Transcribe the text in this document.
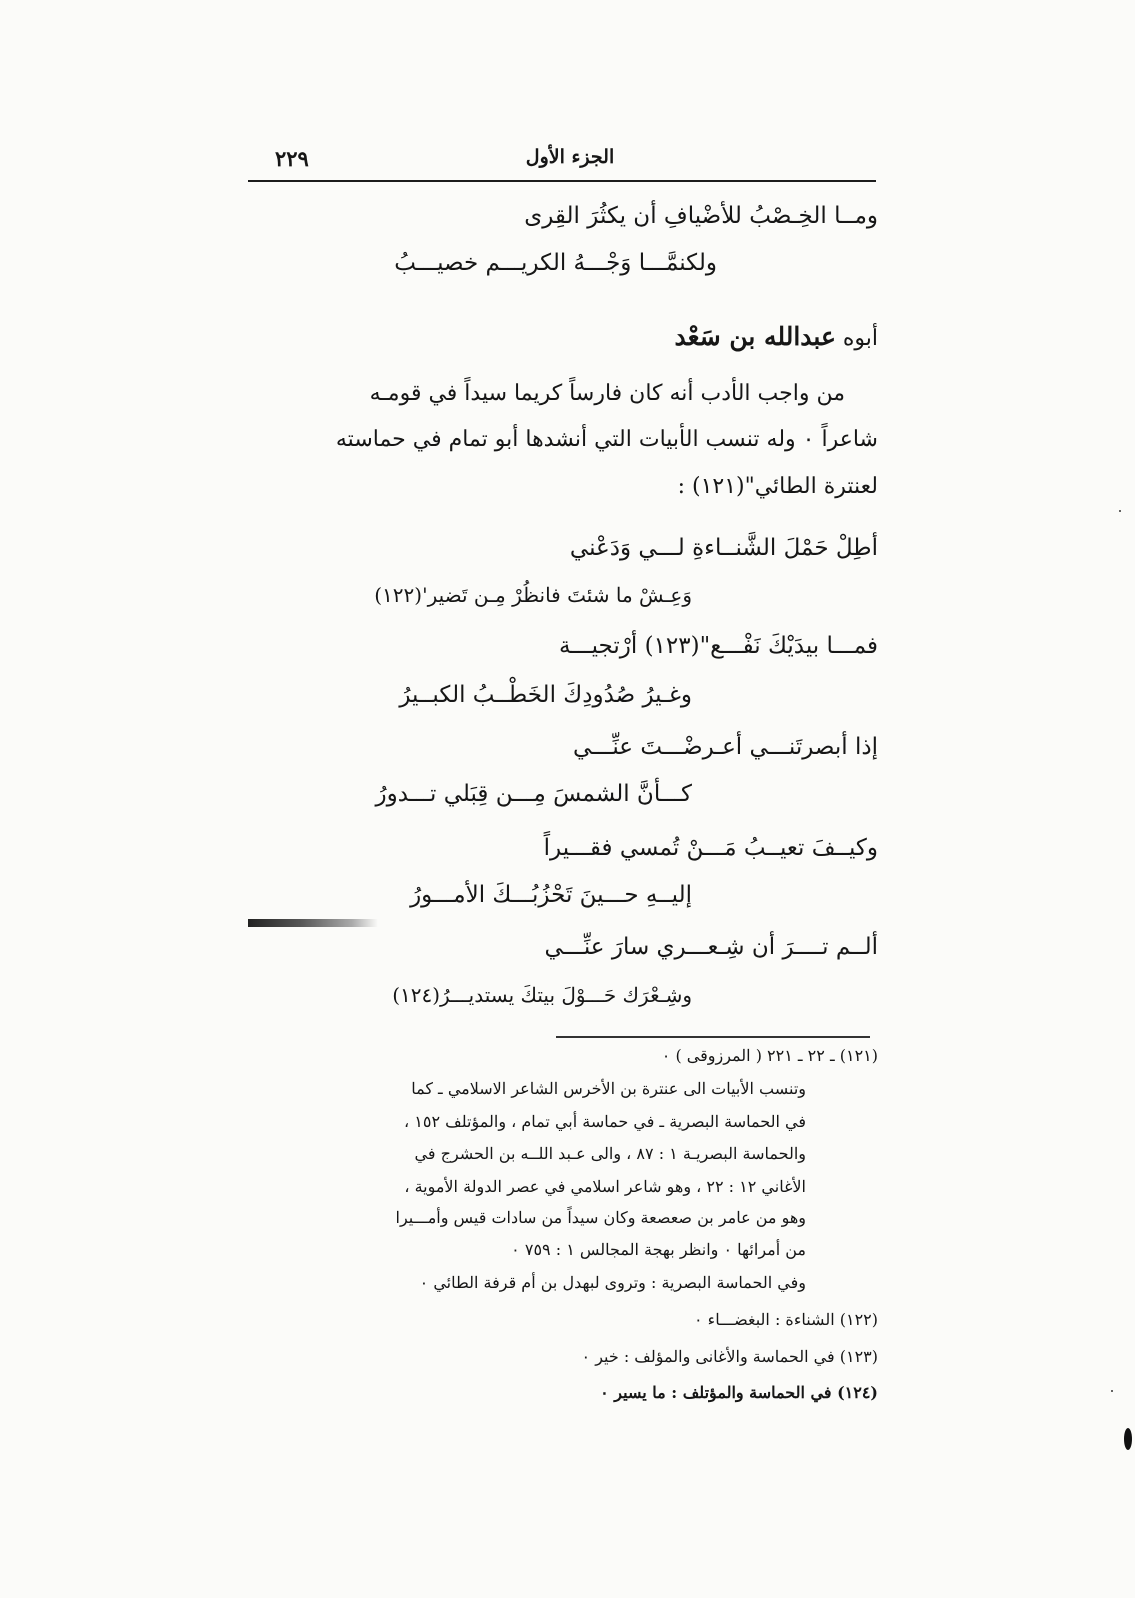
٢٢٩	الجزء الأول
ومــا الخِـصْبُ للأضْيافِ أن يكثُرَ القِرى
ولكنمَّـــا وَجْـــهُ الكريـــم خصيـــبُ
أبوه عبدالله بن سَعْد
من واجب الأدب أنه كان فارساً كريما سيداً في قومـه
شاعراً ٠ وله تنسب الأبيات التي أنشدها أبو تمام في حماسته
لعنترة الطائي"(١٢١) :
أطِلْ حَمْلَ الشَّنــاءةِ لـــي وَدَعْني
وَعِـشْ ما شئتَ فانظُرْ مِـن تَضير'(١٢٢)
فمـــا بيدَيْكَ نَفْـــع"(١٢٣) أرْتجيـــة
وغـيرُ صُدُودِكَ الخَطْــبُ الكبــيرُ
إذا أبصرتَنـــي أعـرضْـــتَ عنِّـــي
كـــأنَّ الشمسَ مِـــن قِبَلي تـــدورُ
وكيــفَ تعيــبُ مَـــنْ تُمسي فقـــيراً
إليــهِ حـــينَ تَحْزُبُـــكَ الأمـــورُ
ألــم تــــرَ أن شِـعـــري سارَ عنِّـــي
وشِـعْرَك حَـــوْلَ بيتكَ يستديـــرُ(١٢٤)
(١٢١) ـ ٢٢ ـ ٢٢١ ( المرزوقى ) ٠
وتنسب الأبيات الى عنترة بن الأخرس الشاعر الاسلامي ـ كما
في الحماسة البصرية ـ في حماسة أبي تمام ، والمؤتلف ١٥٢ ،
والحماسة البصريـة ١ : ٨٧ ، والى عـبد اللــه بن الحشرج في
الأغاني ١٢ : ٢٢ ، وهو شاعر اسلامي في عصر الدولة الأموية ،
وهو من عامر بن صعصعة وكان سيداً من سادات قيس وأمـــيرا
من أمرائها ٠ وانظر بهجة المجالس ١ : ٧٥٩ ٠
وفي الحماسة البصرية : وتروى لبهدل بن أم قرفة الطائي ٠
(١٢٢) الشناءة : البغضـــاء ٠
(١٢٣) في الحماسة والأغانى والمؤلف : خير ٠
(١٢٤) في الحماسة والمؤتلف : ما يسير ٠
